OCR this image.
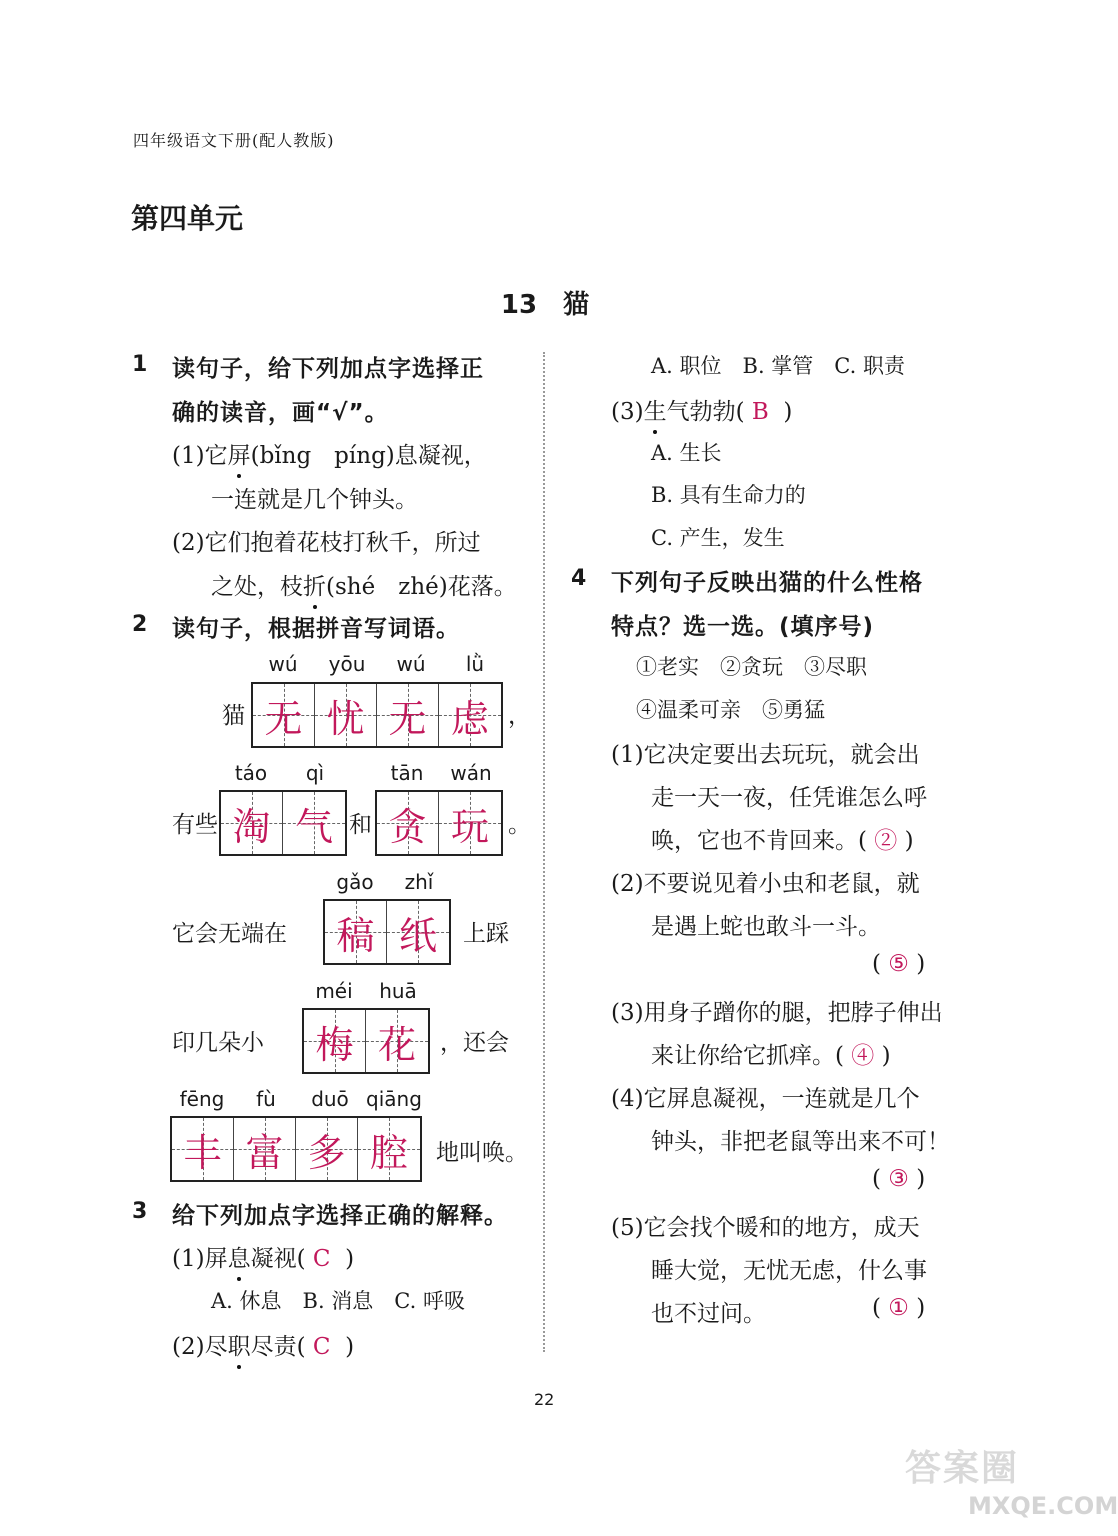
四年级语文下册(配人教版)
第四单元
13　猫
1 读句子，给下列加点字选择正
确的读音，画“√”。
(1)它屏(bǐng　píng)息凝视，
一连就是几个钟头。
(2)它们抱着花枝打秋千，所过
之处，枝折(shé　zhé)花落。
2 读句子，根据拼音写词语。
wú	yōu	wú	lǜ
猫 无 忧 无 虑 ，
táo	qì	tān	wán
有些 淘 气 和 贪 玩 。
gǎo	zhǐ
它会无端在 稿 纸 上踩
méi	huā
印几朵小 梅 花 ，还会
fēng	fù	duō qiāng
丰 富 多 腔 地叫唤。
3 给下列加点字选择正确的解释。
(1)屏息凝视( C )
A. 休息　B. 消息　C. 呼吸
(2)尽职尽责( C )
A. 职位　B. 掌管　C. 职责
(3)生气勃勃( B )
A. 生长
B. 具有生命力的
C. 产生，发生
4 下列句子反映出猫的什么性格
特点？选一选。(填序号)
①老实　②贪玩　③尽职
④温柔可亲　⑤勇猛
(1)它决定要出去玩玩，就会出
走一天一夜，任凭谁怎么呼
唤，它也不肯回来。( ② )
(2)不要说见着小虫和老鼠，就
是遇上蛇也敢斗一斗。
( ⑤ )
(3)用身子蹭你的腿，把脖子伸出
来让你给它抓痒。( ④ )
(4)它屏息凝视，一连就是几个
钟头，非把老鼠等出来不可！
( ③ )
(5)它会找个暖和的地方，成天
睡大觉，无忧无虑，什么事
也不过问。	( ① )
22
答案圈
MXQE.COM
